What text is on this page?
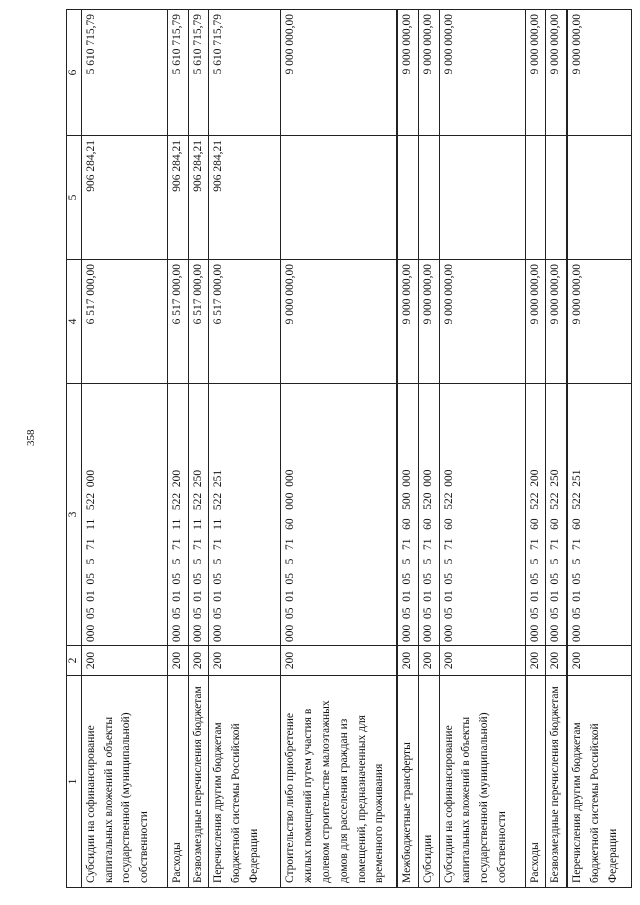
358
1	2	3	4	5	6
Субсидии на софинансирование капитальных вложений в объекты государственной (муниципальной) собственности	200	000  05  01  05   5   71   11   522  000	6 517 000,00	906 284,21	5 610 715,79
Расходы	200	000  05  01  05   5   71   11   522  200	6 517 000,00	906 284,21	5 610 715,79
Безвозмездные перечисления бюджетам	200	000  05  01  05   5   71   11   522  250	6 517 000,00	906 284,21	5 610 715,79
Перечисления другим бюджетам бюджетной системы Российской Федерации	200	000  05  01  05   5   71   11   522  251	6 517 000,00	906 284,21	5 610 715,79
Строительство либо приобретение жилых помещений путем участия в долевом строительстве малоэтажных домов для расселения граждан из помещений, предназначенных для временного проживания	200	000  05  01  05   5   71   60   000  000	9 000 000,00		9 000 000,00
Межбюджетные трансферты	200	000  05  01  05   5   71   60   500  000	9 000 000,00		9 000 000,00
Субсидии	200	000  05  01  05   5   71   60   520  000	9 000 000,00		9 000 000,00
Субсидии на софинансирование капитальных вложений в объекты государственной (муниципальной) собственности	200	000  05  01  05   5   71   60   522  000	9 000 000,00		9 000 000,00
Расходы	200	000  05  01  05   5   71   60   522  200	9 000 000,00		9 000 000,00
Безвозмездные перечисления бюджетам	200	000  05  01  05   5   71   60   522  250	9 000 000,00		9 000 000,00
Перечисления другим бюджетам бюджетной системы Российской Федерации	200	000  05  01  05   5   71   60   522  251	9 000 000,00		9 000 000,00
